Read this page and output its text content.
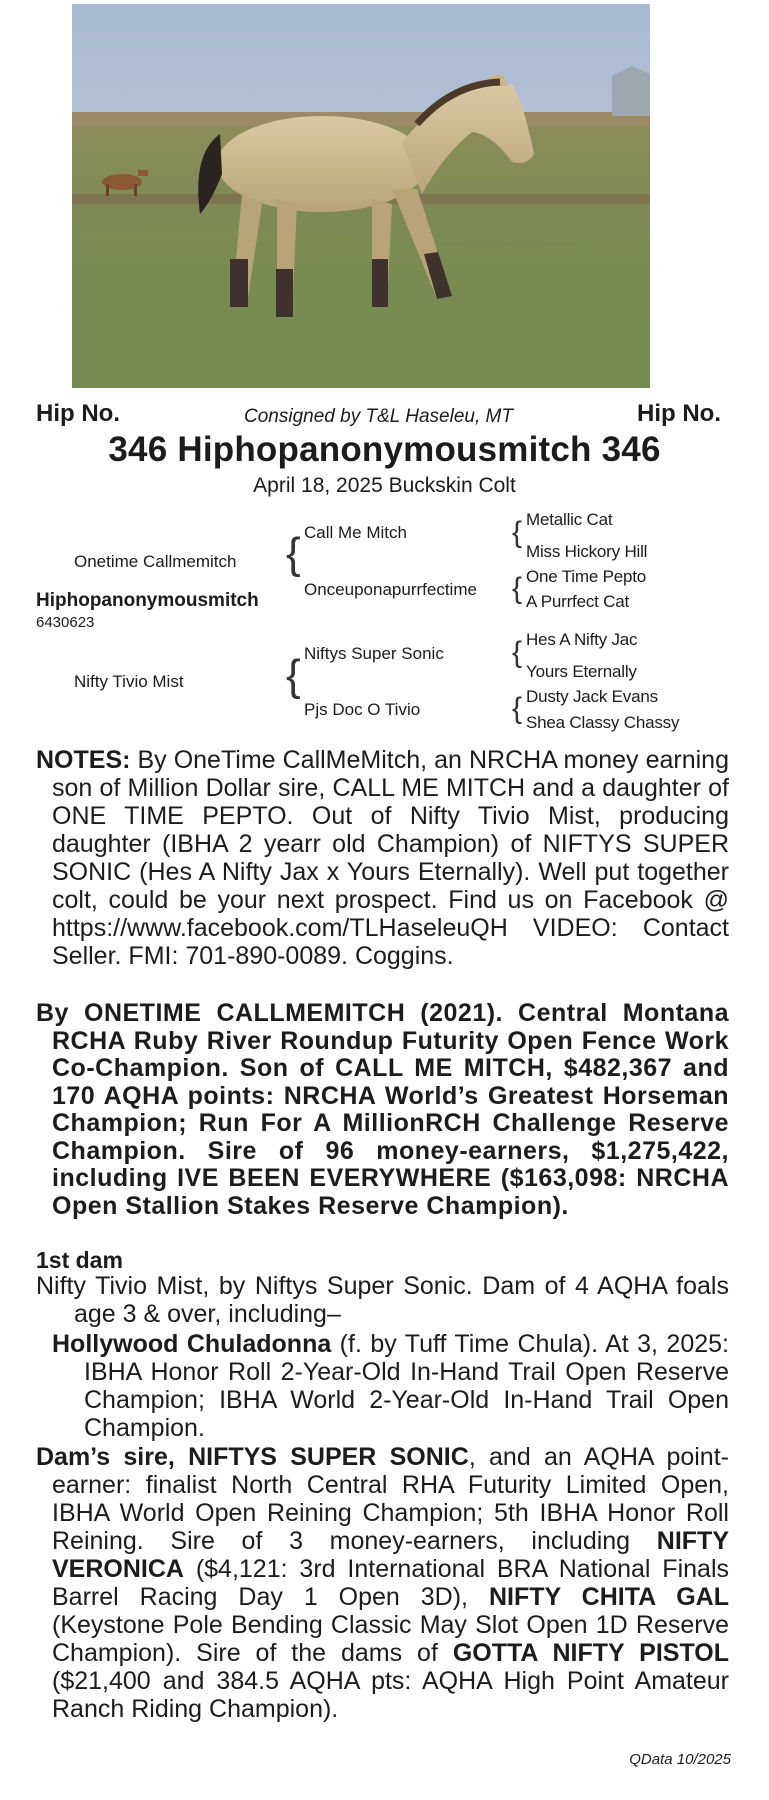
Hip No.	Consigned by T&L Haseleu, MT	Hip No.
346 Hiphopanonymousmitch 346
April 18, 2025 Buckskin Colt
Onetime Callmemitch
Hiphopanonymousmitch
6430623
Nifty Tivio Mist
{
{
Call Me Mitch
Onceuponapurrfectime
Niftys Super Sonic
Pjs Doc O Tivio
{
{
{
{
Metallic Cat
Miss Hickory Hill
One Time Pepto
A Purrfect Cat
Hes A Nifty Jac
Yours Eternally
Dusty Jack Evans
Shea Classy Chassy
NOTES: By OneTime CallMeMitch, an NRCHA money earning son of Million Dollar sire, CALL ME MITCH and a daughter of ONE TIME PEPTO. Out of Nifty Tivio Mist, producing daughter (IBHA 2 yearr old Champion) of NIFTYS SUPER SONIC (Hes A Nifty Jax x Yours Eternally). Well put together colt, could be your next prospect. Find us on Facebook @ https://www.facebook.com/TLHaseleuQH VIDEO: Contact Seller. FMI: 701-890-0089. Coggins.
By ONETIME CALLMEMITCH (2021). Central Montana RCHA Ruby River Roundup Futurity Open Fence Work Co-Champion. Son of CALL ME MITCH, $482,367 and 170 AQHA points: NRCHA World’s Greatest Horseman Champion; Run For A MillionRCH Challenge Reserve Champion. Sire of 96 money-earners, $1,275,422, including IVE BEEN EVERYWHERE ($163,098: NRCHA Open Stallion Stakes Reserve Champion).
1st dam
Nifty Tivio Mist, by Niftys Super Sonic. Dam of 4 AQHA foals age 3 & over, including–
Hollywood Chuladonna (f. by Tuff Time Chula). At 3, 2025: IBHA Honor Roll 2-Year-Old In-Hand Trail Open Reserve Champion; IBHA World 2-Year-Old In-Hand Trail Open Champion.
Dam’s sire, NIFTYS SUPER SONIC, and an AQHA point-earner: finalist North Central RHA Futurity Limited Open, IBHA World Open Reining Champion; 5th IBHA Honor Roll Reining. Sire of 3 money-earners, including NIFTY VERONICA ($4,121: 3rd International BRA National Finals Barrel Racing Day 1 Open 3D), NIFTY CHITA GAL (Keystone Pole Bending Classic May Slot Open 1D Reserve Champion). Sire of the dams of GOTTA NIFTY PISTOL ($21,400 and 384.5 AQHA pts: AQHA High Point Amateur Ranch Riding Champion).
QData 10/2025
